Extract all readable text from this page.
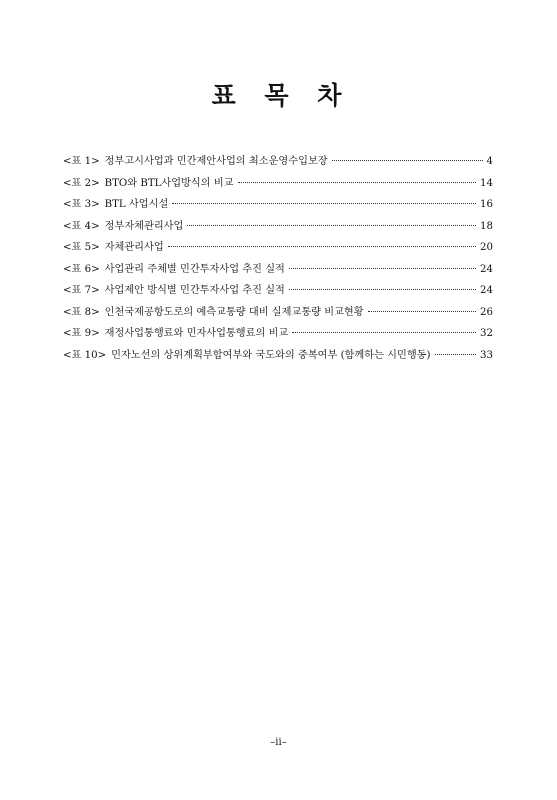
표 목 차
<표 1> 정부고시사업과 민간제안사업의 최소운영수입보장	4
<표 2> BTO와 BTL사업방식의 비교	14
<표 3> BTL 사업시설	16
<표 4> 정부자체관리사업	18
<표 5> 자체관리사업	20
<표 6> 사업관리 주체별 민간투자사업 추진 실적	24
<표 7> 사업제안 방식별 민간투자사업 추진 실적	24
<표 8> 인천국제공항도로의 예측교통량 대비 실제교통량 비교현황	26
<표 9> 재정사업통행료와 민자사업통행료의 비교	32
<표 10> 민자노선의 상위계획부합여부와 국도와의 중복여부 (함께하는 시민행동)	33
–ii–
